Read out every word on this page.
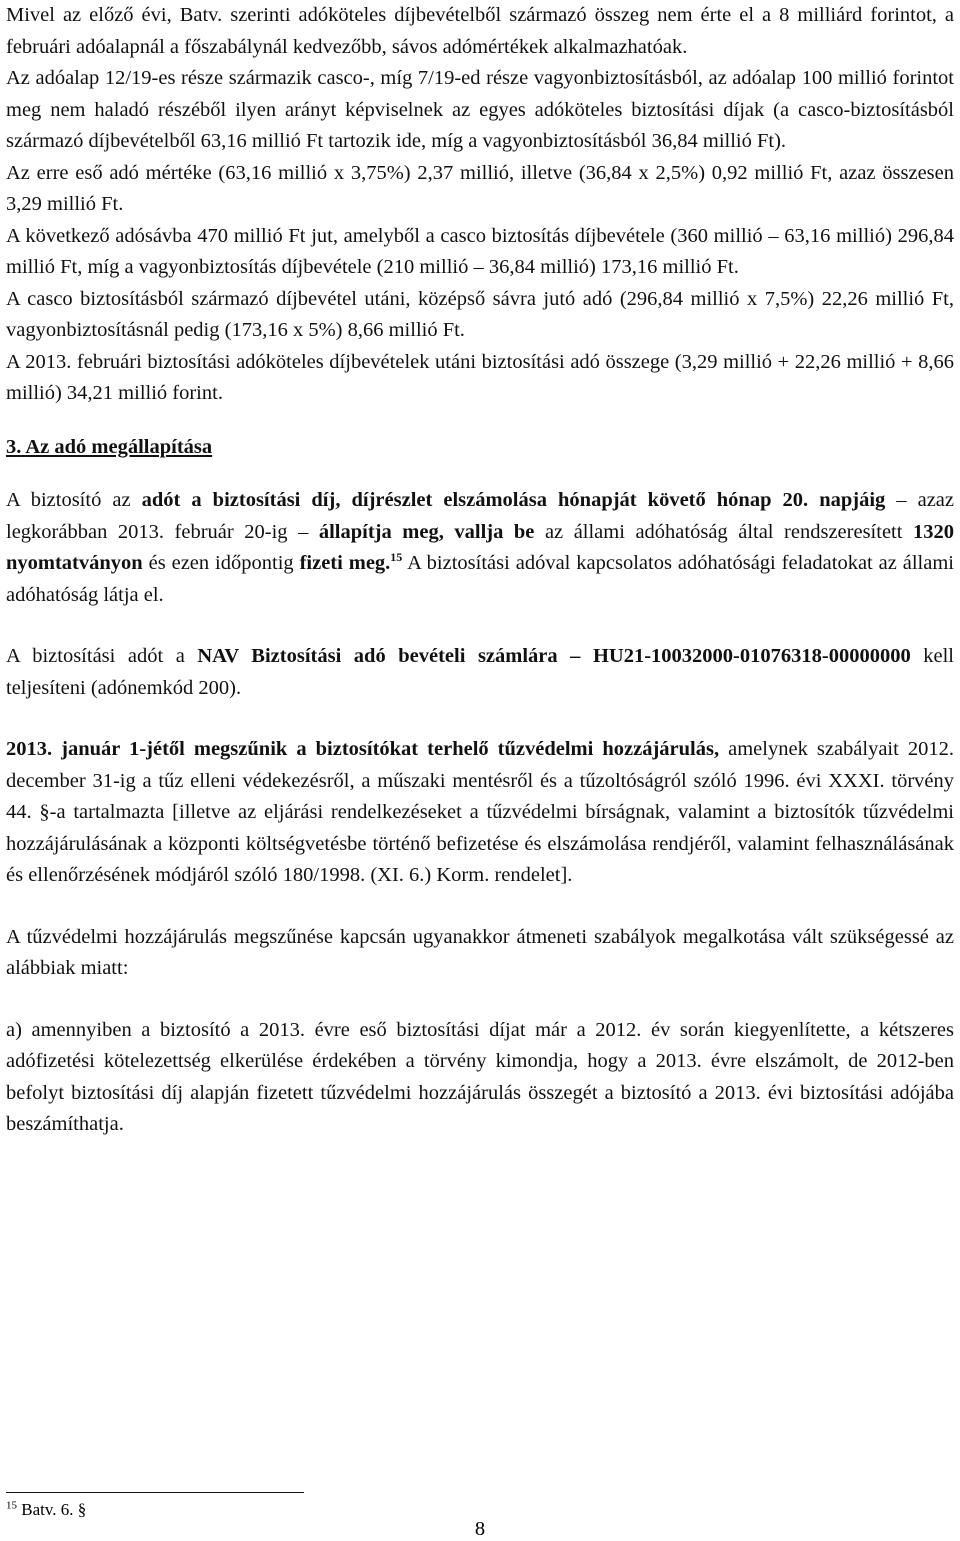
Mivel az előző évi, Batv. szerinti adóköteles díjbevételből származó összeg nem érte el a 8 milliárd forintot, a februári adóalapnál a főszabálynál kedvezőbb, sávos adómértékek alkalmazhatóak.

Az adóalap 12/19-es része származik casco-, míg 7/19-ed része vagyonbiztosításból, az adóalap 100 millió forintot meg nem haladó részéből ilyen arányt képviselnek az egyes adóköteles biztosítási díjak (a casco-biztosításból származó díjbevételből 63,16 millió Ft tartozik ide, míg a vagyonbiztosításból 36,84 millió Ft).

Az erre eső adó mértéke (63,16 millió x 3,75%) 2,37 millió, illetve (36,84 x 2,5%) 0,92 millió Ft, azaz összesen 3,29 millió Ft.

A következő adósávba 470 millió Ft jut, amelyből a casco biztosítás díjbevétele (360 millió – 63,16 millió) 296,84 millió Ft, míg a vagyonbiztosítás díjbevétele (210 millió – 36,84 millió) 173,16 millió Ft.

A casco biztosításból származó díjbevétel utáni, középső sávra jutó adó (296,84 millió x 7,5%) 22,26 millió Ft, vagyonbiztosításnál pedig (173,16 x 5%) 8,66 millió Ft.

A 2013. februári biztosítási adóköteles díjbevételek utáni biztosítási adó összege (3,29 millió + 22,26 millió + 8,66 millió) 34,21 millió forint.

3. Az adó megállapítása

A biztosító az adót a biztosítási díj, díjrészlet elszámolása hónapját követő hónap 20. napjáig – azaz legkorábban 2013. február 20-ig – állapítja meg, vallja be az állami adóhatóság által rendszeresített 1320 nyomtatványon és ezen időpontig fizeti meg.$^{15}$ A biztosítási adóval kapcsolatos adóhatósági feladatokat az állami adóhatóság látja el.

A biztosítási adót a NAV Biztosítási adó bevételi számlára – HU21-10032000-01076318-00000000 kell teljesíteni (adónemkód 200).

2013. január 1-jétől megszűnik a biztosítókat terhelő tűzvédelmi hozzájárulás, amelynek szabályait 2012. december 31-ig a tűz elleni védekezésről, a műszaki mentésről és a tűzoltóságról szóló 1996. évi XXXI. törvény 44. §-a tartalmazta [illetve az eljárási rendelkezéseket a tűzvédelmi bírságnak, valamint a biztosítók tűzvédelmi hozzájárulásának a központi költségvetésbe történő befizetése és elszámolása rendjéről, valamint felhasználásának és ellenőrzésének módjáról szóló 180/1998. (XI. 6.) Korm. rendelet].

A tűzvédelmi hozzájárulás megszűnése kapcsán ugyanakkor átmeneti szabályok megalkotása vált szükségessé az alábbiak miatt:

a) amennyiben a biztosító a 2013. évre eső biztosítási díjat már a 2012. év során kiegyenlítette, a kétszeres adófizetési kötelezettség elkerülése érdekében a törvény kimondja, hogy a 2013. évre elszámolt, de 2012-ben befolyt biztosítási díj alapján fizetett tűzvédelmi hozzájárulás összegét a biztosító a 2013. évi biztosítási adójába beszámíthatja.

$^{15}$ Batv. 6. §
8
